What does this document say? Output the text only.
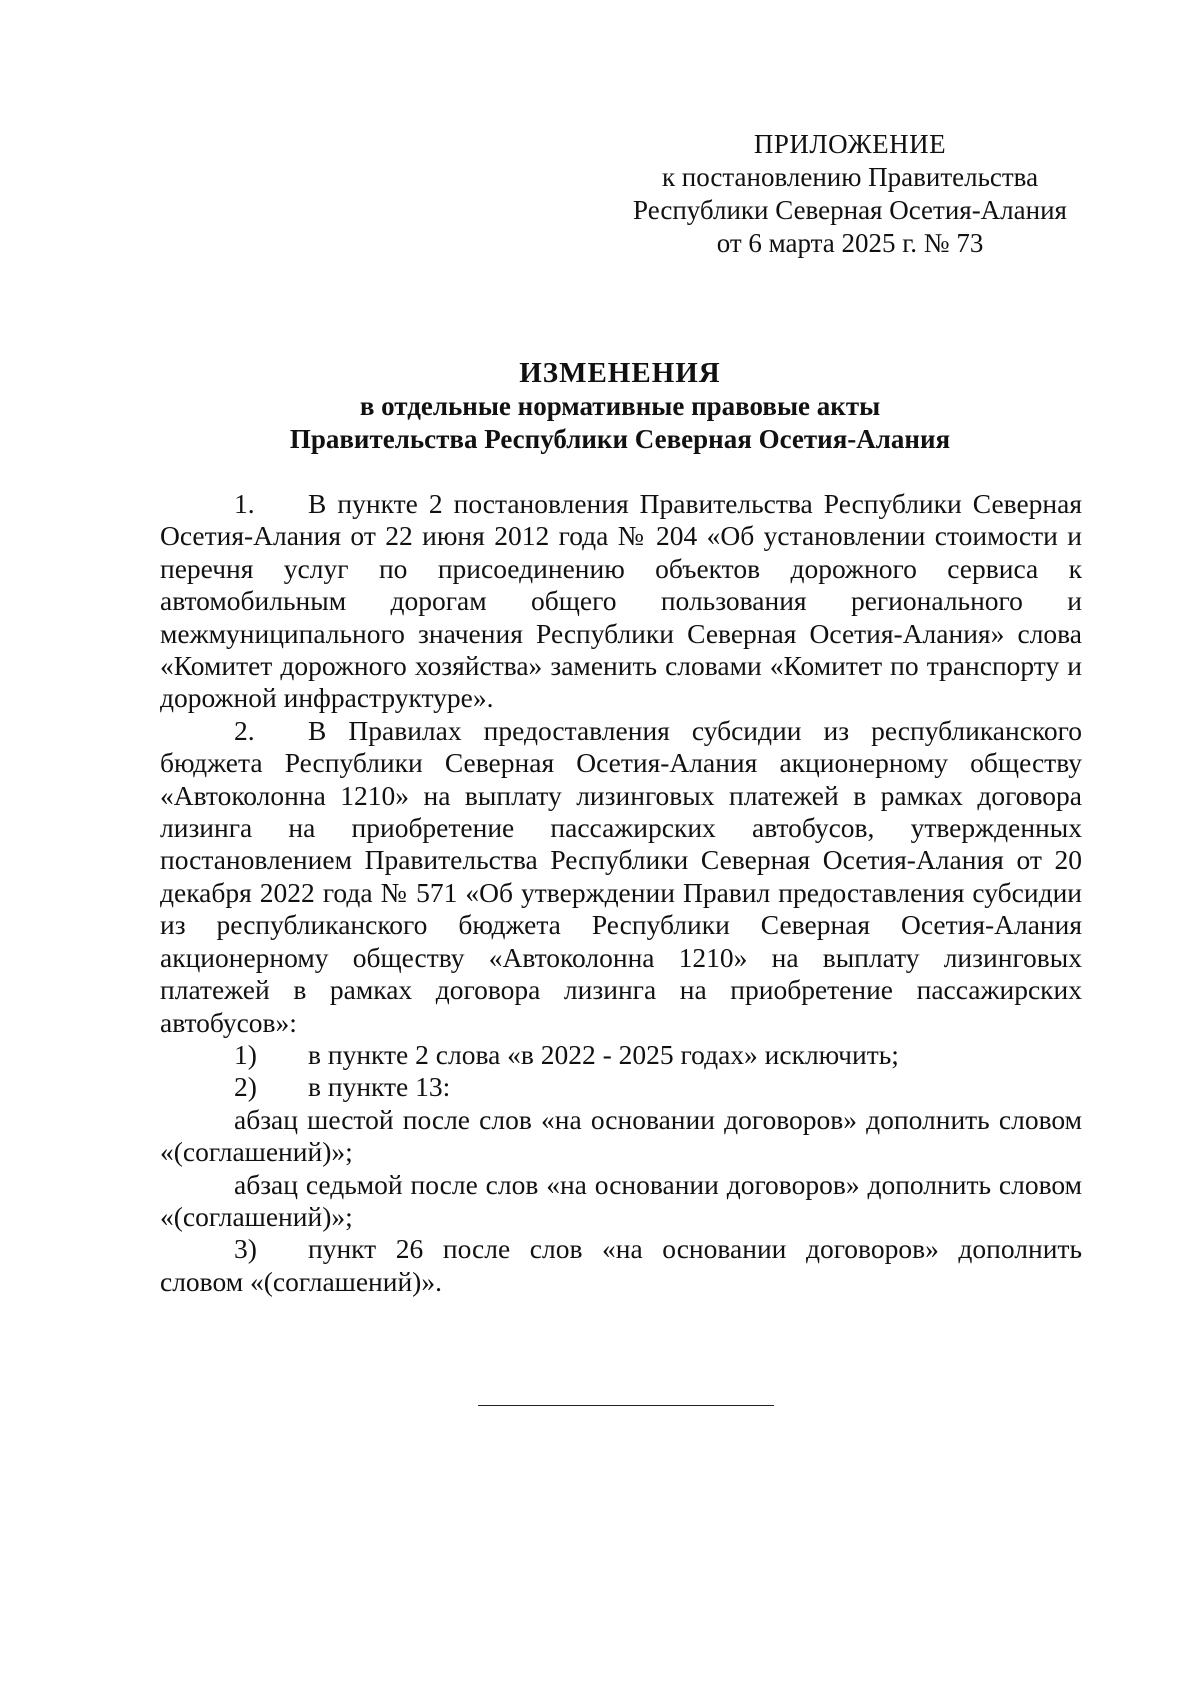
ПРИЛОЖЕНИЕ
к постановлению Правительства
Республики Северная Осетия-Алания
от 6 марта 2025 г. № 73
ИЗМЕНЕНИЯ
в отдельные нормативные правовые акты
Правительства Республики Северная Осетия-Алания

1. В пункте 2 постановления Правительства Республики Северная Осетия-Алания от 22 июня 2012 года № 204 «Об установлении стоимости и перечня услуг по присоединению объектов дорожного сервиса к автомобильным дорогам общего пользования регионального и межмуниципального значения Республики Северная Осетия-Алания» слова «Комитет дорожного хозяйства» заменить словами «Комитет по транспорту и дорожной инфраструктуре».

2. В Правилах предоставления субсидии из республиканского бюджета Республики Северная Осетия-Алания акционерному обществу «Автоколонна 1210» на выплату лизинговых платежей в рамках договора лизинга на приобретение пассажирских автобусов, утвержденных постановлением Правительства Республики Северная Осетия-Алания от 20 декабря 2022 года № 571 «Об утверждении Правил предоставления субсидии из республиканского бюджета Республики Северная Осетия-Алания акционерному обществу «Автоколонна 1210» на выплату лизинговых платежей в рамках договора лизинга на приобретение пассажирских автобусов»:

1) в пункте 2 слова «в 2022 - 2025 годах» исключить;

2) в пункте 13:

абзац шестой после слов «на основании договоров» дополнить словом «(соглашений)»;

абзац седьмой после слов «на основании договоров» дополнить словом «(соглашений)»;

3) пункт 26 после слов «на основании договоров» дополнить словом «(соглашений)».
